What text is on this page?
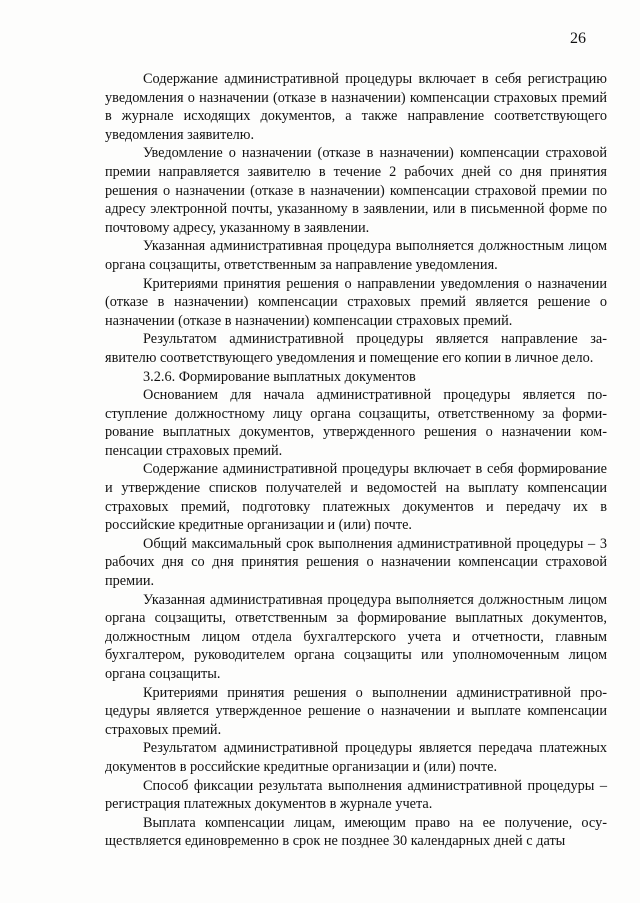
26

Содержание административной процедуры включает в себя регистрацию уведомления о назначении (отказе в назначении) компенсации страховых премий в журнале исходящих документов, а также направление соответствующего уведомления заявителю.

Уведомление о назначении (отказе в назначении) компенсации страховой премии направляется заявителю в течение 2 рабочих дней со дня принятия решения о назначении (отказе в назначении) компенсации страховой премии по адресу электронной почты, указанному в заявлении, или в письменной форме по почтовому адресу, указанному в заявлении.

Указанная административная процедура выполняется должностным лицом органа соцзащиты, ответственным за направление уведомления.

Критериями принятия решения о направлении уведомления о назначении (отказе в назначении) компенсации страховых премий является решение о назначении (отказе в назначении) компенсации страховых премий.

Результатом административной процедуры является направление заявителю соответствующего уведомления и помещение его копии в личное дело.

3.2.6. Формирование выплатных документов

Основанием для начала административной процедуры является поступление должностному лицу органа соцзащиты, ответственному за формирование выплатных документов, утвержденного решения о назначении компенсации страховых премий.

Содержание административной процедуры включает в себя формирование и утверждение списков получателей и ведомостей на выплату компенсации страховых премий, подготовку платежных документов и передачу их в российские кредитные организации и (или) почте.

Общий максимальный срок выполнения административной процедуры – 3 рабочих дня со дня принятия решения о назначении компенсации страховой премии.

Указанная административная процедура выполняется должностным лицом органа соцзащиты, ответственным за формирование выплатных документов, должностным лицом отдела бухгалтерского учета и отчетности, главным бухгалтером, руководителем органа соцзащиты или уполномоченным лицом органа соцзащиты.

Критериями принятия решения о выполнении административной процедуры является утвержденное решение о назначении и выплате компенсации страховых премий.

Результатом административной процедуры является передача платежных документов в российские кредитные организации и (или) почте.

Способ фиксации результата выполнения административной процедуры – регистрация платежных документов в журнале учета.

Выплата компенсации лицам, имеющим право на ее получение, осуществляется единовременно в срок не позднее 30 календарных дней с даты
